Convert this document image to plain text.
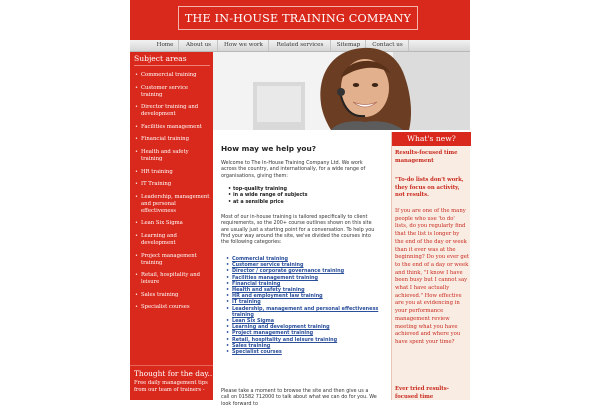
THE IN-HOUSE TRAINING COMPANY
Home	About us	How we work	Related services	Sitemap	Contact us
Subject areas
• Commercial training
• Customer service training
• Director training and development
• Facilities management
• Financial training
• Health and safety training
• HR training
• IT Training
• Leadership, management and personal effectiveness
• Lean Six Sigma
• Learning and development
• Project management training
• Retail, hospitality and leisure
• Sales training
• Specialist courses
Thought for the day...
Free daily management tips from our team of trainers -
How may we help you?

Welcome to The In-House Training Company Ltd. We work across the country, and internationally, for a wide range of organisations, giving them:

• top-quality training
• in a wide range of subjects
• at a sensible price

Most of our in-house training is tailored specifically to client requirements, so the 200+ course outlines shown on this site are usually just a starting point for a conversation. To help you find your way around the site, we've divided the courses into the following categories:

• Commercial training
• Customer service training
• Director / corporate governance training
• Facilities management training
• Financial training
• Health and safety training
• HR and employment law training
• IT training
• Leadership, management and personal effectiveness training
• Lean Six Sigma
• Learning and development training
• Project management training
• Retail, hospitality and leisure training
• Sales training
• Specialist courses

Please take a moment to browse the site and then give us a call on 01582 712000 to talk about what we can do for you. We look forward to

What's new?
Results-focused time management
"To-do lists don't work, they focus on activity, not results.
If you are one of the many people who use 'to do' lists, do you regularly find that the list is longer by the end of the day or week than it ever was at the beginning? Do you ever get to the end of a day or week and think, "I know I have been busy but I cannot say what I have actually achieved." How effective are you at evidencing in your performance management review meeting what you have achieved and where you have spent your time?
Ever tried results-focused time
